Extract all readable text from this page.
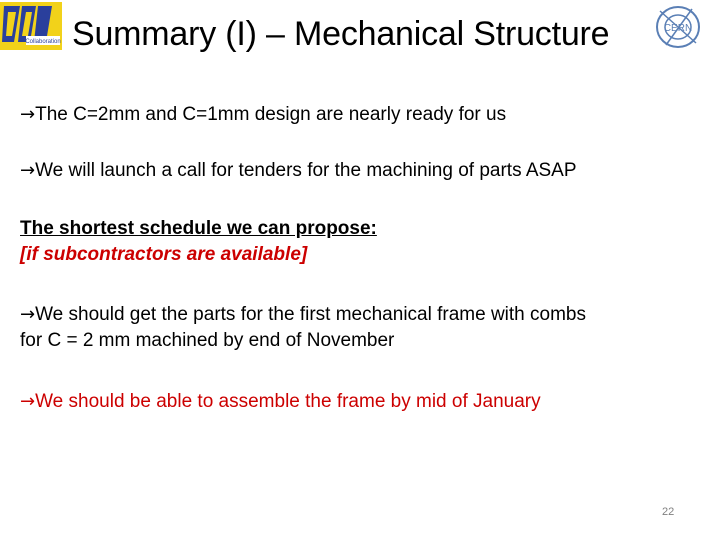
Collaboration Summary (I) – Mechanical Structure	CERN
→The C=2mm and C=1mm design are nearly ready for us
→We will launch a call for tenders for the machining of parts ASAP
The shortest schedule we can propose:
[if subcontractors are available]
→We should get the parts for the first mechanical frame with combs
for C = 2 mm machined by end of November
→We should be able to assemble the frame by mid of January
22
